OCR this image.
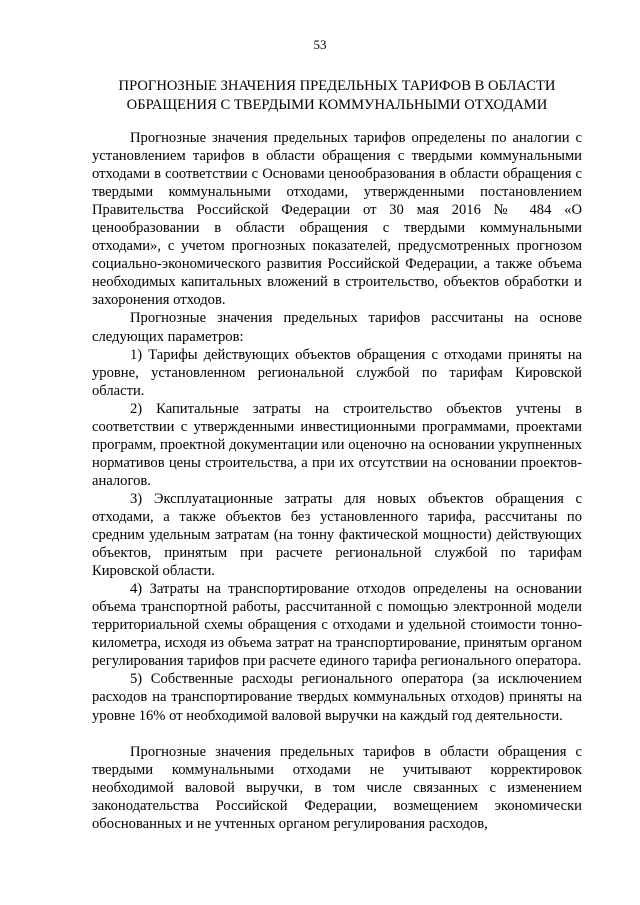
53
ПРОГНОЗНЫЕ ЗНАЧЕНИЯ ПРЕДЕЛЬНЫХ ТАРИФОВ В ОБЛАСТИ
ОБРАЩЕНИЯ С ТВЕРДЫМИ КОММУНАЛЬНЫМИ ОТХОДАМИ

Прогнозные значения предельных тарифов определены по аналогии с установлением тарифов в области обращения с твердыми коммунальными отходами в соответствии с Основами ценообразования в области обращения с твердыми коммунальными отходами, утвержденными постановлением Правительства Российской Федерации от 30 мая 2016 № 484 «О ценообразовании в области обращения с твердыми коммунальными отходами», с учетом прогнозных показателей, предусмотренных прогнозом социально-экономического развития Российской Федерации, а также объема необходимых капитальных вложений в строительство, объектов обработки и захоронения отходов.

Прогнозные значения предельных тарифов рассчитаны на основе следующих параметров:

1) Тарифы действующих объектов обращения с отходами приняты на уровне, установленном региональной службой по тарифам Кировской области.

2) Капитальные затраты на строительство объектов учтены в соответствии с утвержденными инвестиционными программами, проектами программ, проектной документации или оценочно на основании укрупненных нормативов цены строительства, а при их отсутствии на основании проектов-аналогов.

3) Эксплуатационные затраты для новых объектов обращения с отходами, а также объектов без установленного тарифа, рассчитаны по средним удельным затратам (на тонну фактической мощности) действующих объектов, принятым при расчете региональной службой по тарифам Кировской области.

4) Затраты на транспортирование отходов определены на основании объема транспортной работы, рассчитанной с помощью электронной модели территориальной схемы обращения с отходами и удельной стоимости тонно-километра, исходя из объема затрат на транспортирование, принятым органом регулирования тарифов при расчете единого тарифа регионального оператора.

5) Собственные расходы регионального оператора (за исключением расходов на транспортирование твердых коммунальных отходов) приняты на уровне 16% от необходимой валовой выручки на каждый год деятельности.

Прогнозные значения предельных тарифов в области обращения с твердыми коммунальными отходами не учитывают корректировок необходимой валовой выручки, в том числе связанных с изменением законодательства Российской Федерации, возмещением экономически обоснованных и не учтенных органом регулирования расходов,
